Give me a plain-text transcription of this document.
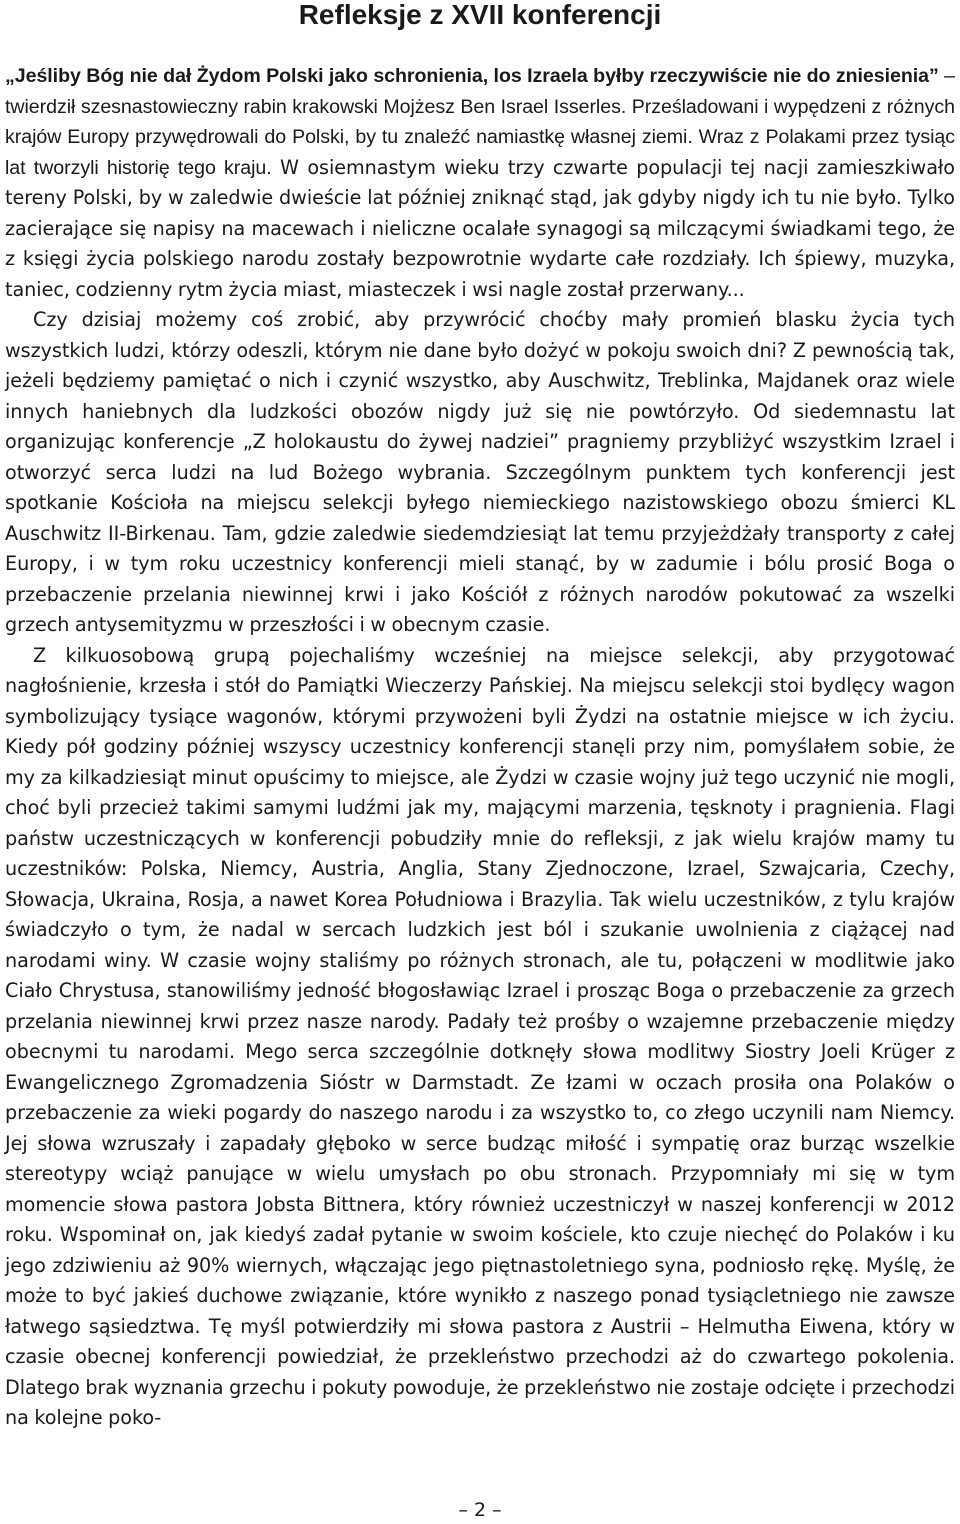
Refleksje z XVII konferencji

„Jeśliby Bóg nie dał Żydom Polski jako schronienia, los Izraela byłby rzeczywiście nie do zniesienia” – twierdził szesnastowieczny rabin krakowski Mojżesz Ben Israel Isserles. Prześladowani i wypędzeni z różnych krajów Europy przywędrowali do Polski, by tu znaleźć namiastkę własnej ziemi. Wraz z Polakami przez tysiąc lat tworzyli historię tego kraju. W osiemnastym wieku trzy czwarte populacji tej nacji zamieszkiwało tereny Polski, by w zaledwie dwieście lat później zniknąć stąd, jak gdyby nigdy ich tu nie było. Tylko zacierające się napisy na macewach i nieliczne ocalałe synagogi są milczącymi świadkami tego, że z księgi życia polskiego narodu zostały bezpowrotnie wydarte całe rozdziały. Ich śpiewy, muzyka, taniec, codzienny rytm życia miast, miasteczek i wsi nagle został przerwany...

Czy dzisiaj możemy coś zrobić, aby przywrócić choćby mały promień blasku życia tych wszystkich ludzi, którzy odeszli, którym nie dane było dożyć w pokoju swoich dni? Z pewnością tak, jeżeli będziemy pamiętać o nich i czynić wszystko, aby Auschwitz, Treblinka, Majdanek oraz wiele innych haniebnych dla ludzkości obozów nigdy już się nie powtórzyło. Od siedemnastu lat organizując konferencje „Z holokaustu do żywej nadziei” pragniemy przybliżyć wszystkim Izrael i otworzyć serca ludzi na lud Bożego wybrania. Szczególnym punktem tych konferencji jest spotkanie Kościoła na miejscu selekcji byłego niemieckiego nazistowskiego obozu śmierci KL Auschwitz II-Birkenau. Tam, gdzie zaledwie siedemdziesiąt lat temu przyjeżdżały transporty z całej Europy, i w tym roku uczestnicy konferencji mieli stanąć, by w zadumie i bólu prosić Boga o przebaczenie przelania niewinnej krwi i jako Kościół z różnych narodów pokutować za wszelki grzech antysemityzmu w przeszłości i w obecnym czasie.

Z kilkuosobową grupą pojechaliśmy wcześniej na miejsce selekcji, aby przygotować nagłośnienie, krzesła i stół do Pamiątki Wieczerzy Pańskiej. Na miejscu selekcji stoi bydlęcy wagon symbolizujący tysiące wagonów, którymi przywożeni byli Żydzi na ostatnie miejsce w ich życiu. Kiedy pół godziny później wszyscy uczestnicy konferencji stanęli przy nim, pomyślałem sobie, że my za kilkadziesiąt minut opuścimy to miejsce, ale Żydzi w czasie wojny już tego uczynić nie mogli, choć byli przecież takimi samymi ludźmi jak my, mającymi marzenia, tęsknoty i pragnienia. Flagi państw uczestniczących w konferencji pobudziły mnie do refleksji, z jak wielu krajów mamy tu uczestników: Polska, Niemcy, Austria, Anglia, Stany Zjednoczone, Izrael, Szwajcaria, Czechy, Słowacja, Ukraina, Rosja, a nawet Korea Południowa i Brazylia. Tak wielu uczestników, z tylu krajów świadczyło o tym, że nadal w sercach ludzkich jest ból i szukanie uwolnienia z ciążącej nad narodami winy. W czasie wojny staliśmy po różnych stronach, ale tu, połączeni w modlitwie jako Ciało Chrystusa, stanowiliśmy jedność błogosławiąc Izrael i prosząc Boga o przebaczenie za grzech przelania niewinnej krwi przez nasze narody. Padały też prośby o wzajemne przebaczenie między obecnymi tu narodami. Mego serca szczególnie dotknęły słowa modlitwy Siostry Joeli Krüger z Ewangelicznego Zgromadzenia Sióstr w Darmstadt. Ze łzami w oczach prosiła ona Polaków o przebaczenie za wieki pogardy do naszego narodu i za wszystko to, co złego uczynili nam Niemcy. Jej słowa wzruszały i zapadały głęboko w serce budząc miłość i sympatię oraz burząc wszelkie stereotypy wciąż panujące w wielu umysłach po obu stronach. Przypomniały mi się w tym momencie słowa pastora Jobsta Bittnera, który również uczestniczył w naszej konferencji w 2012 roku. Wspominał on, jak kiedyś zadał pytanie w swoim kościele, kto czuje niechęć do Polaków i ku jego zdziwieniu aż 90% wiernych, włączając jego piętnastoletniego syna, podniosło rękę. Myślę, że może to być jakieś duchowe związanie, które wynikło z naszego ponad tysiącletniego nie zawsze łatwego sąsiedztwa. Tę myśl potwierdziły mi słowa pastora z Austrii – Helmutha Eiwena, który w czasie obecnej konferencji powiedział, że przekleństwo przechodzi aż do czwartego pokolenia. Dlatego brak wyznania grzechu i pokuty powoduje, że przekleństwo nie zostaje odcięte i przechodzi na kolejne poko-

– 2 –
